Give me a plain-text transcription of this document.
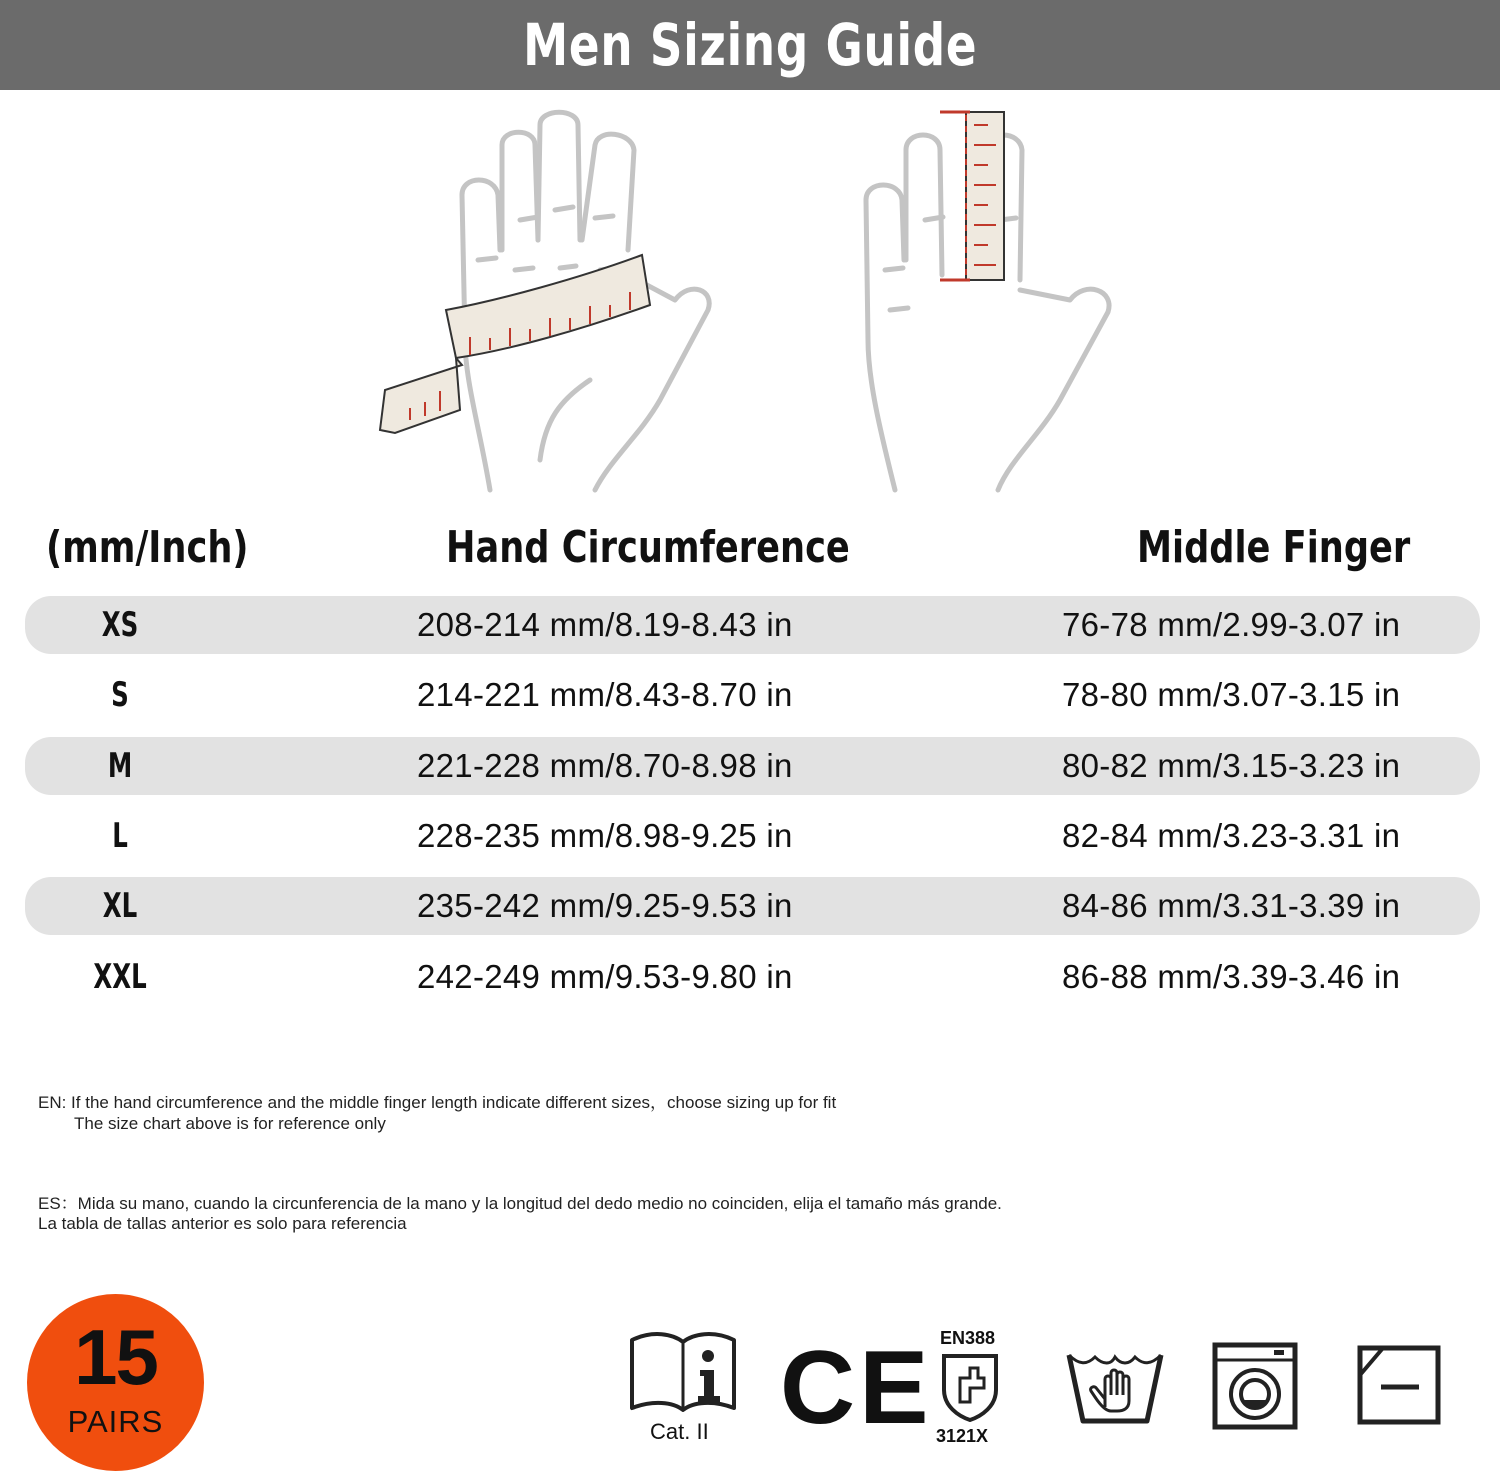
Men Sizing Guide
(mm/Inch)	Hand Circumference	Middle Finger
XS	208-214 mm/8.19-8.43 in	76-78 mm/2.99-3.07 in
S	214-221 mm/8.43-8.70 in	78-80 mm/3.07-3.15 in
M	221-228 mm/8.70-8.98 in	80-82 mm/3.15-3.23 in
L	228-235 mm/8.98-9.25 in	82-84 mm/3.23-3.31 in
XL	235-242 mm/9.25-9.53 in	84-86 mm/3.31-3.39 in
XXL	242-249 mm/9.53-9.80 in	86-88 mm/3.39-3.46 in
EN: If the hand circumference and the middle finger length indicate different sizes，choose sizing up for fit
The size chart above is for reference only
ES：Mida su mano, cuando la circunferencia de la mano y la longitud del dedo medio no coinciden, elija el tamaño más grande.
La tabla de tallas anterior es solo para referencia
15
PAIRS	Cat. II CE EN388
3121X
